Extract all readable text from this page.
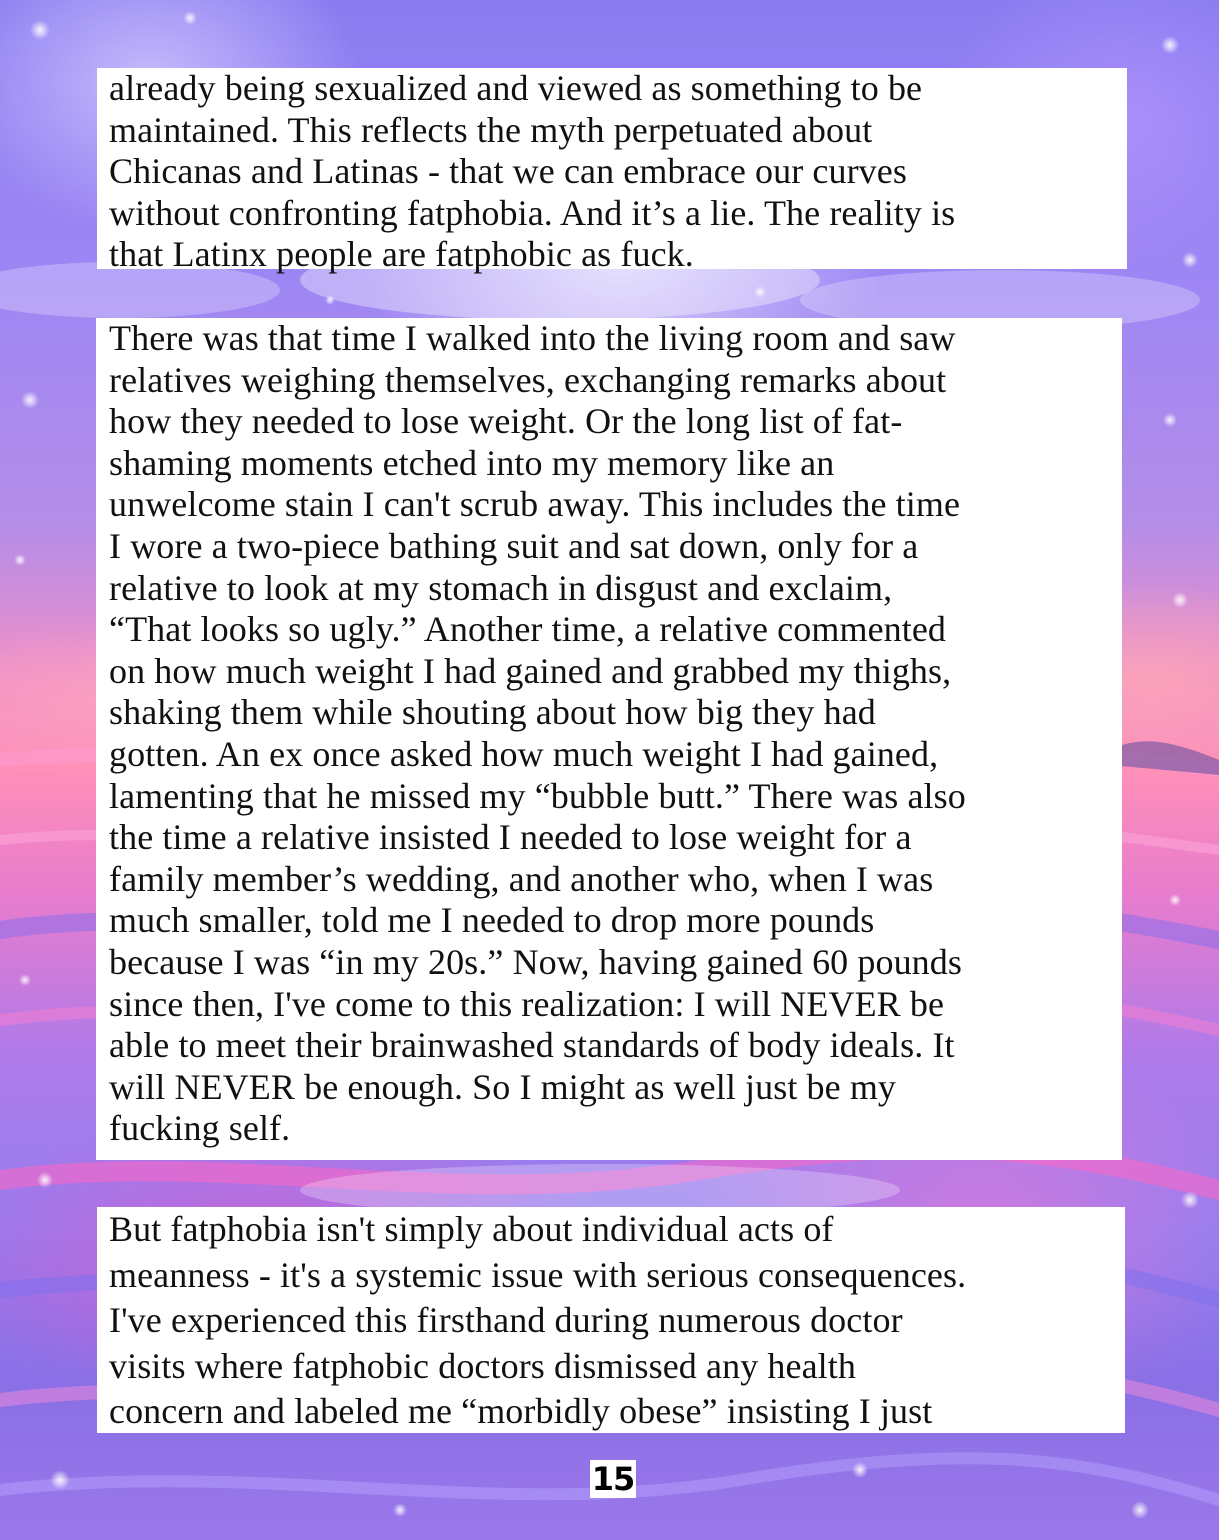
already being sexualized and viewed as something to be
maintained. This reflects the myth perpetuated about
Chicanas and Latinas - that we can embrace our curves
without confronting fatphobia. And it’s a lie. The reality is
that Latinx people are fatphobic as fuck.
There was that time I walked into the living room and saw
relatives weighing themselves, exchanging remarks about
how they needed to lose weight. Or the long list of fat-
shaming moments etched into my memory like an
unwelcome stain I can't scrub away. This includes the time
I wore a two-piece bathing suit and sat down, only for a
relative to look at my stomach in disgust and exclaim,
“That looks so ugly.” Another time, a relative commented
on how much weight I had gained and grabbed my thighs,
shaking them while shouting about how big they had
gotten. An ex once asked how much weight I had gained,
lamenting that he missed my “bubble butt.” There was also
the time a relative insisted I needed to lose weight for a
family member’s wedding, and another who, when I was
much smaller, told me I needed to drop more pounds
because I was “in my 20s.” Now, having gained 60 pounds
since then, I've come to this realization: I will NEVER be
able to meet their brainwashed standards of body ideals. It
will NEVER be enough. So I might as well just be my
fucking self.
But fatphobia isn't simply about individual acts of
meanness - it's a systemic issue with serious consequences.
I've experienced this firsthand during numerous doctor
visits where fatphobic doctors dismissed any health
concern and labeled me “morbidly obese” insisting I just
15
